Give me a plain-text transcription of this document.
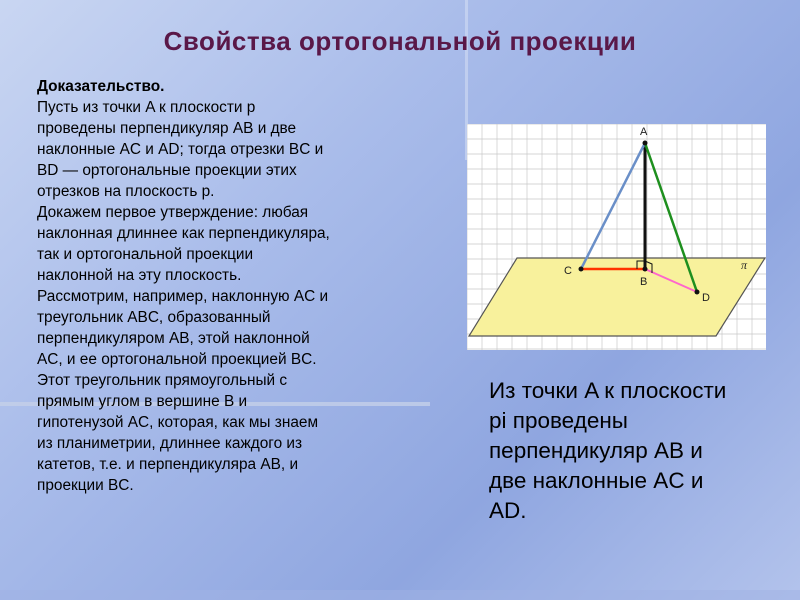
Свойства ортогональной проекции
Доказательство.
Пусть из точки A к плоскости p
проведены перпендикуляр AB и две
наклонные AC и AD; тогда отрезки BC и
BD — ортогональные проекции этих
отрезков на плоскость p.
Докажем первое утверждение: любая
наклонная длиннее как перпендикуляра,
так и ортогональной проекции
наклонной на эту плоскость.
Рассмотрим, например, наклонную AC и
треугольник ABC, образованный
перпендикуляром AB, этой наклонной
AC, и ее ортогональной проекцией BC.
Этот треугольник прямоугольный с
прямым углом в вершине B и
гипотенузой AC, которая, как мы знаем
из планиметрии, длиннее каждого из
катетов, т.е. и перпендикуляра AB, и
проекции BC.
A
B
C
D
π
Из точки A к плоскости
pi проведены
перпендикуляр AB и
две наклонные AC и
AD.
